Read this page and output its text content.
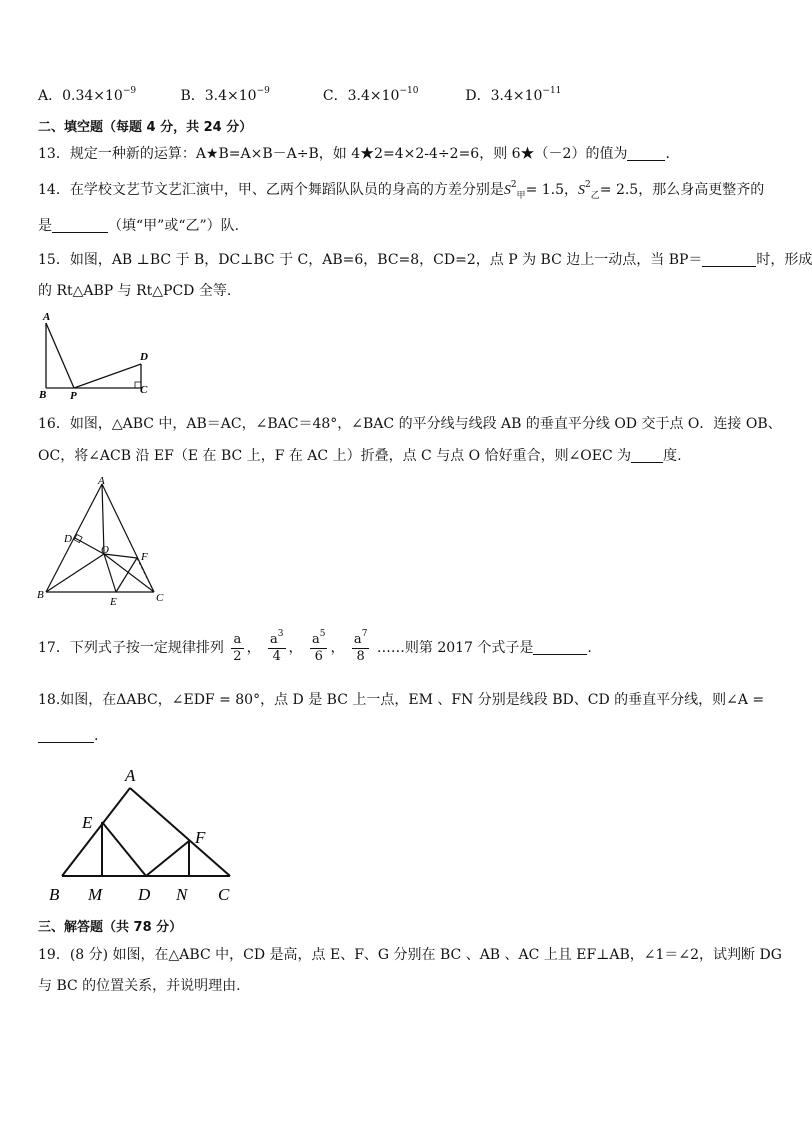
A．$0.34\times 10^{-9}$	B．$3.4\times 10^{-9}$	C．$3.4\times 10^{-10}$	D．$3.4\times 10^{-11}$
二、填空题（每题 4 分，共 24 分）
13．规定一种新的运算：A★B=A×B－A÷B，如 4★2=4×2-4÷2=6，则 6★（－2）的值为	.
14．在学校文艺节文艺汇演中，甲、乙两个舞蹈队队员的身高的方差分别是$S^2_甲= 1.5$，$S^2_乙= 2.5$，那么身高更整齐的
是	（填“甲”或“乙”）队.
15．如图，AB ⊥BC 于 B，DC⊥BC 于 C，AB=6，BC=8，CD=2，点 P 为 BC 边上一动点，当 BP＝	时，形成
的 Rt△ABP 与 Rt△PCD 全等.
A
B P	C
D
16．如图，△ABC 中，AB＝AC，∠BAC＝48°，∠BAC 的平分线与线段 AB 的垂直平分线 OD 交于点 O．连接 OB、
OC，将∠ACB 沿 EF（E 在 BC 上，F 在 AC 上）折叠，点 C 与点 O 恰好重合，则∠OEC 为 度.
A
B	C
D
E
F
O
17．下列式子按一定规律排列 $\frac{a}{2}$ ， $\frac{a^3}{4}$ ， $\frac{a^5}{6}$ ， $\frac{a^7}{8}$ ……则第 2017 个式子是	.
18.如图，在ΔABC，∠EDF = 80°，点 D 是 BC 上一点，EM 、FN 分别是线段 BD、CD 的垂直平分线，则∠A =
.
A
E
F
B M D N C
三、解答题（共 78 分）
19．(8 分) 如图，在△ABC 中，CD 是高，点 E、F、G 分别在 BC 、AB 、AC 上且 EF⊥AB，∠1＝∠2，试判断 DG
与 BC 的位置关系，并说明理由.
